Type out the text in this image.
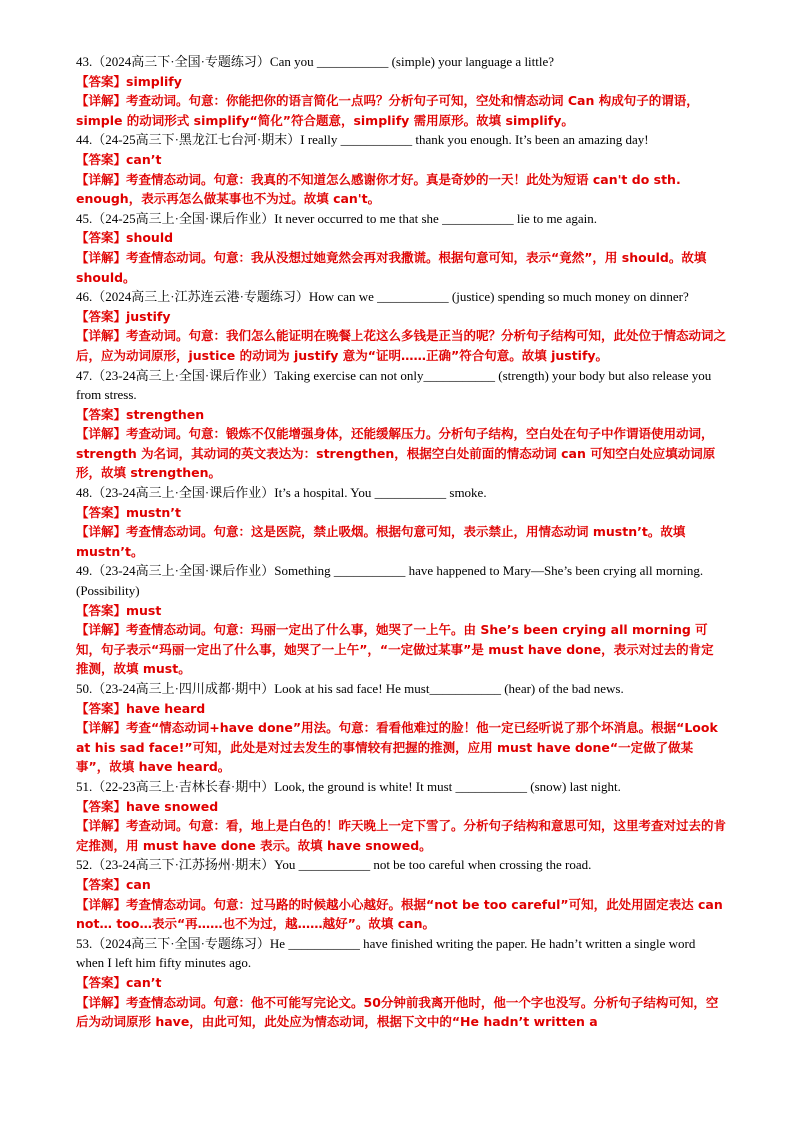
43.（2024高三下·全国·专题练习）Can you ___________ (simple) your language a little?

【答案】simplify

【详解】考查动词。句意：你能把你的语言简化一点吗？分析句子可知，空处和情态动词 Can 构成句子的谓语，simple 的动词形式 simplify“简化”符合题意，simplify 需用原形。故填 simplify。

44.（24-25高三下·黑龙江七台河·期末）I really ___________ thank you enough. It’s been an amazing day!

【答案】can’t

【详解】考查情态动词。句意：我真的不知道怎么感谢你才好。真是奇妙的一天！此处为短语 can't do sth. enough，表示再怎么做某事也不为过。故填 can't。

45.（24-25高三上·全国·课后作业）It never occurred to me that she ___________ lie to me again.

【答案】should

【详解】考查情态动词。句意：我从没想过她竟然会再对我撒谎。根据句意可知，表示“竟然”，用 should。故填 should。

46.（2024高三上·江苏连云港·专题练习）How can we ___________ (justice) spending so much money on dinner?

【答案】justify

【详解】考查动词。句意：我们怎么能证明在晚餐上花这么多钱是正当的呢？分析句子结构可知，此处位于情态动词之后，应为动词原形，justice 的动词为 justify 意为“证明……正确”符合句意。故填 justify。

47.（23-24高三上·全国·课后作业）Taking exercise can not only___________ (strength) your body but also release you from stress.

【答案】strengthen

【详解】考查动词。句意：锻炼不仅能增强身体，还能缓解压力。分析句子结构，空白处在句子中作谓语使用动词，strength 为名词，其动词的英文表达为：strengthen，根据空白处前面的情态动词 can 可知空白处应填动词原形，故填 strengthen。

48.（23-24高三上·全国·课后作业）It’s a hospital. You ___________ smoke.

【答案】mustn’t

【详解】考查情态动词。句意：这是医院，禁止吸烟。根据句意可知，表示禁止，用情态动词 mustn’t。故填 mustn’t。

49.（23-24高三上·全国·课后作业）Something ___________ have happened to Mary—She’s been crying all morning. (Possibility)

【答案】must

【详解】考查情态动词。句意：玛丽一定出了什么事，她哭了一上午。由 She’s been crying all morning 可知，句子表示“玛丽一定出了什么事，她哭了一上午”，“一定做过某事”是 must have done，表示对过去的肯定推测，故填 must。

50.（23-24高三上·四川成都·期中）Look at his sad face! He must___________ (hear) of the bad news.

【答案】have heard

【详解】考查“情态动词+have done”用法。句意：看看他难过的脸！他一定已经听说了那个坏消息。根据“Look at his sad face!”可知，此处是对过去发生的事情较有把握的推测，应用 must have done“一定做了做某事”，故填 have heard。

51.（22-23高三上·吉林长春·期中）Look, the ground is white! It must ___________ (snow) last night.

【答案】have snowed

【详解】考查动词。句意：看，地上是白色的！昨天晚上一定下雪了。分析句子结构和意思可知，这里考查对过去的肯定推测，用 must have done 表示。故填 have snowed。

52.（23-24高三下·江苏扬州·期末）You ___________ not be too careful when crossing the road.

【答案】can

【详解】考查情态动词。句意：过马路的时候越小心越好。根据“not be too careful”可知，此处用固定表达 can not… too…表示“再……也不为过，越……越好”。故填 can。

53.（2024高三下·全国·专题练习）He ___________ have finished writing the paper. He hadn’t written a single word when I left him fifty minutes ago.

【答案】can’t

【详解】考查情态动词。句意：他不可能写完论文。50分钟前我离开他时，他一个字也没写。分析句子结构可知，空后为动词原形 have，由此可知，此处应为情态动词，根据下文中的“He hadn’t written a
